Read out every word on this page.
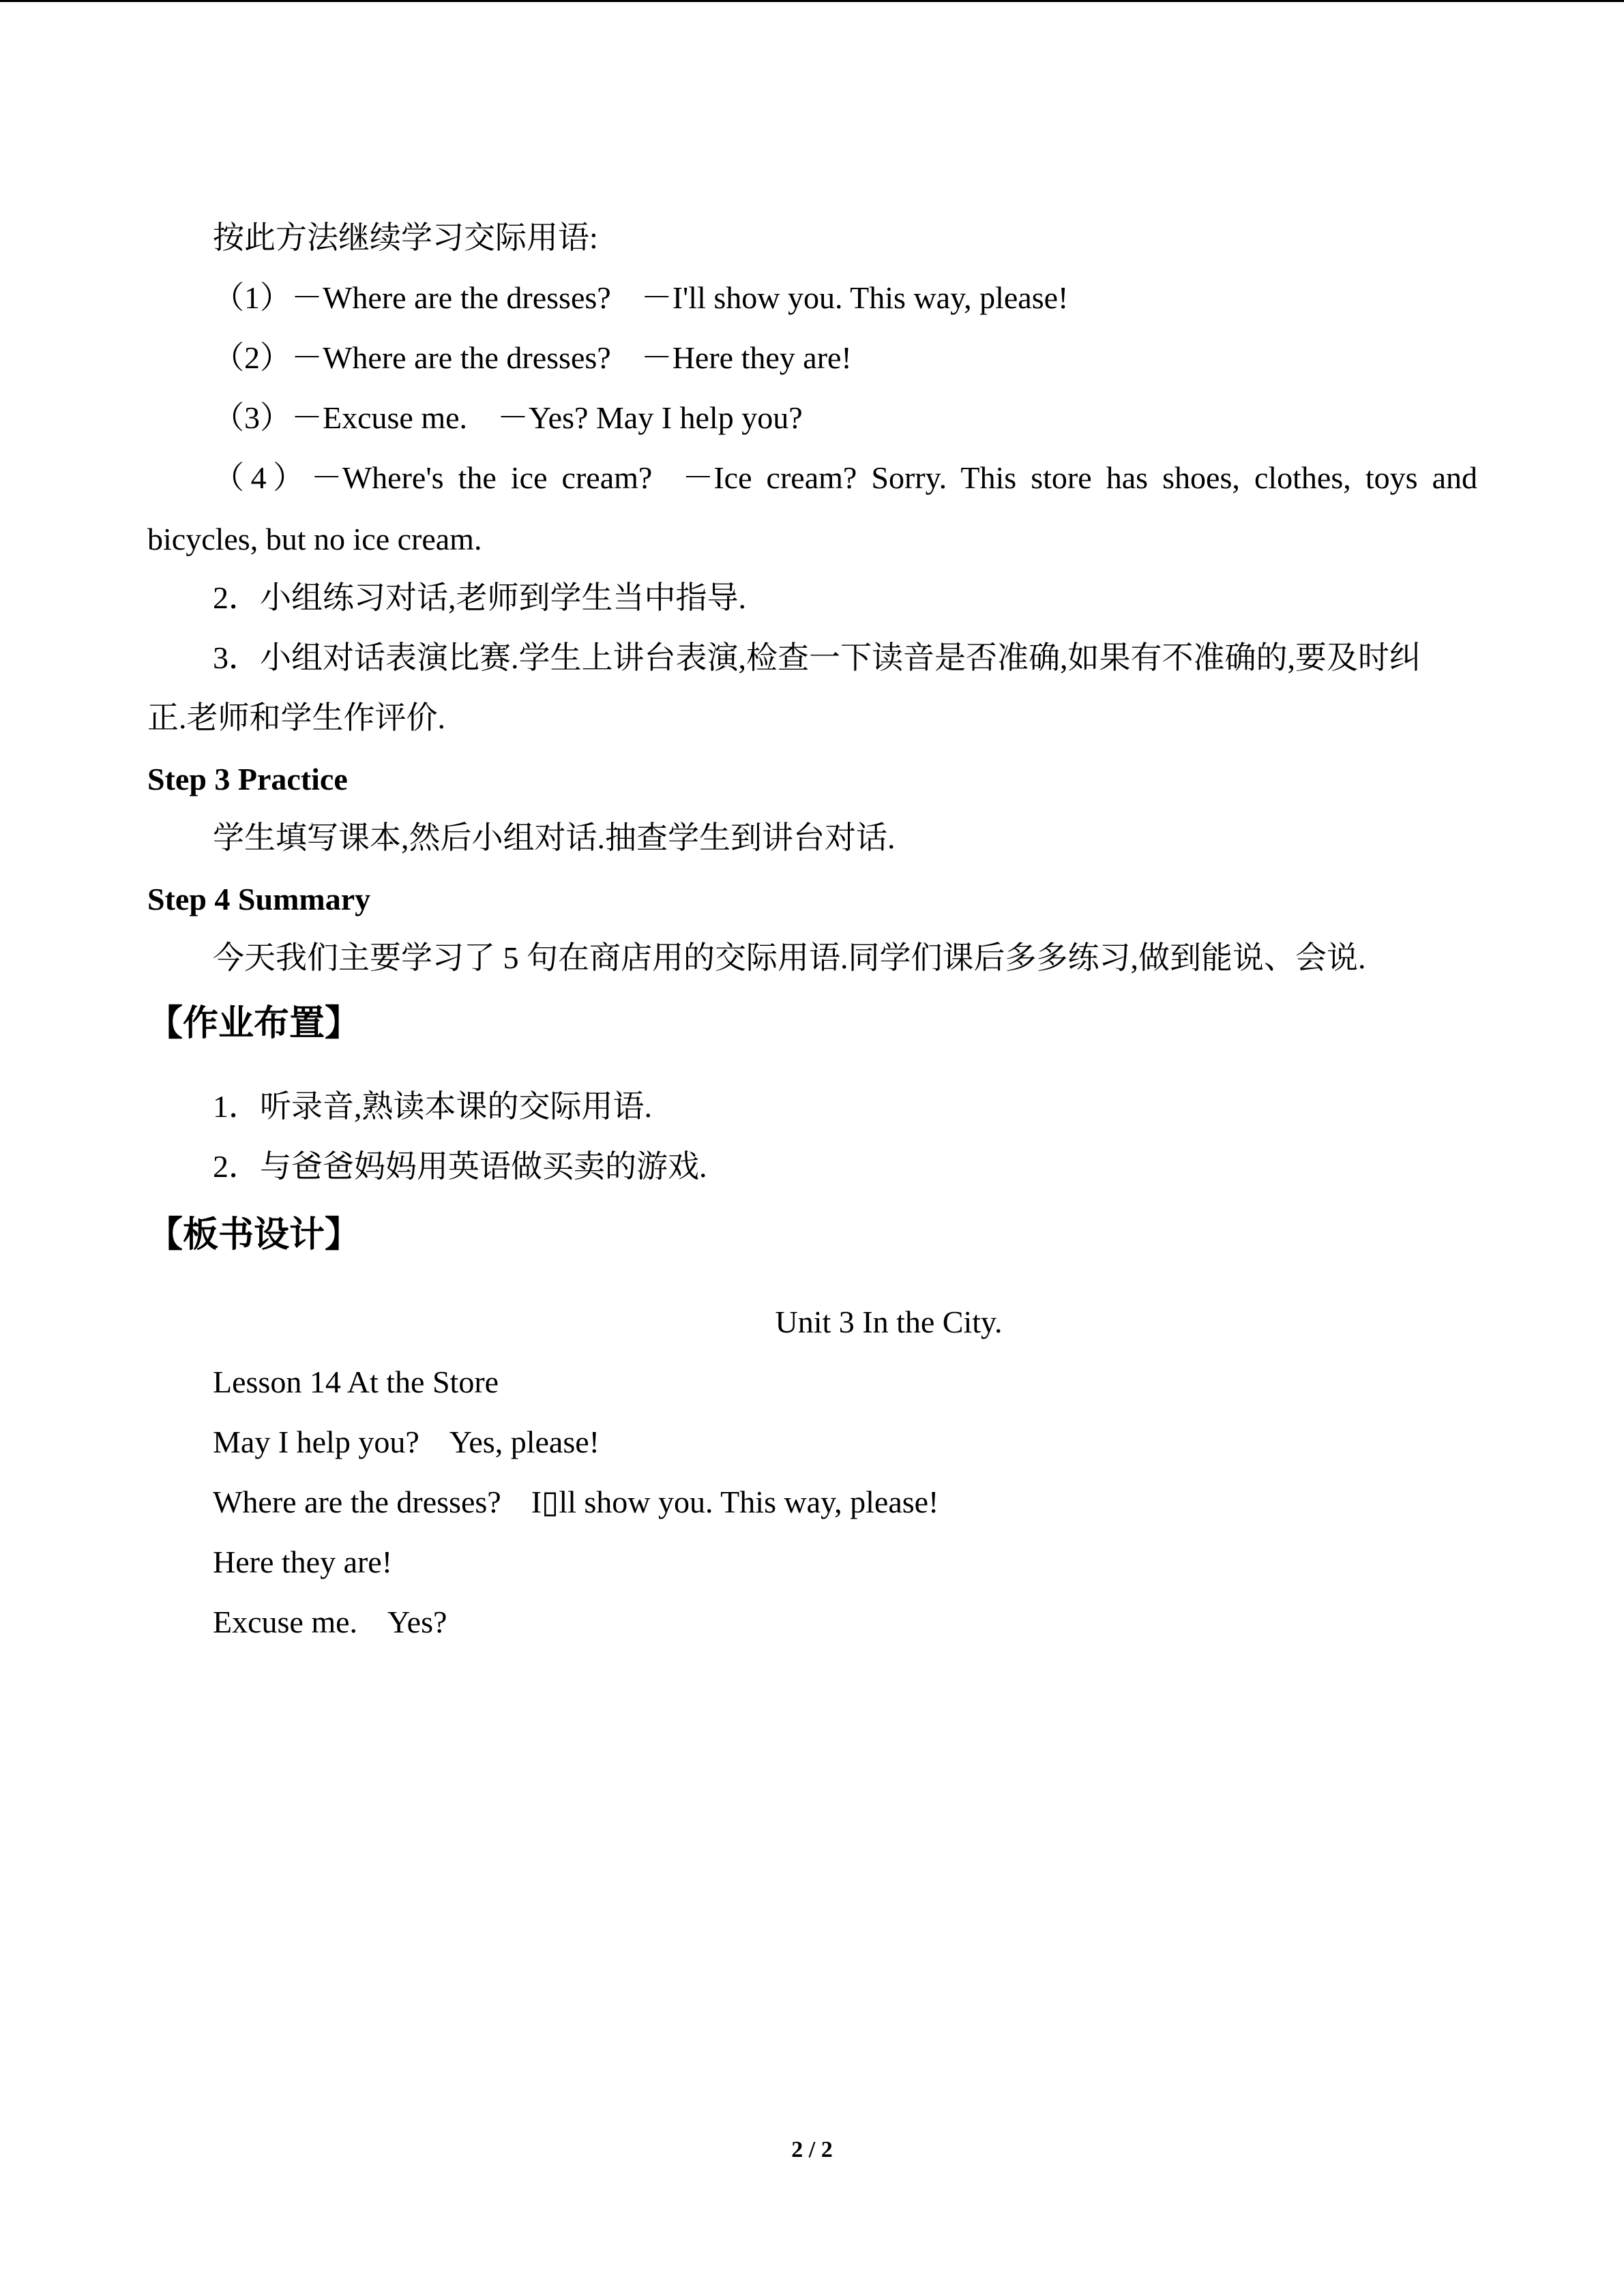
按此方法继续学习交际用语:
（1）－Where are the dresses? －I'll show you. This way, please!
（2）－Where are the dresses? －Here they are!
（3）－Excuse me. －Yes? May I help you?
（4）－Where's the ice cream? －Ice cream? Sorry. This store has shoes, clothes, toys and
bicycles, but no ice cream.
2．小组练习对话,老师到学生当中指导.
3．小组对话表演比赛.学生上讲台表演,检查一下读音是否准确,如果有不准确的,要及时纠
正.老师和学生作评价.
Step 3 Practice
学生填写课本,然后小组对话.抽查学生到讲台对话.
Step 4 Summary
今天我们主要学习了 5 句在商店用的交际用语.同学们课后多多练习,做到能说、会说.
【作业布置】
1．听录音,熟读本课的交际用语.
2．与爸爸妈妈用英语做买卖的游戏.
【板书设计】
Unit 3 In the City.
Lesson 14 At the Store
May I help you? Yes, please!
Where are the dresses? I▯ll show you. This way, please!
Here they are!
Excuse me. Yes?
2 / 2
